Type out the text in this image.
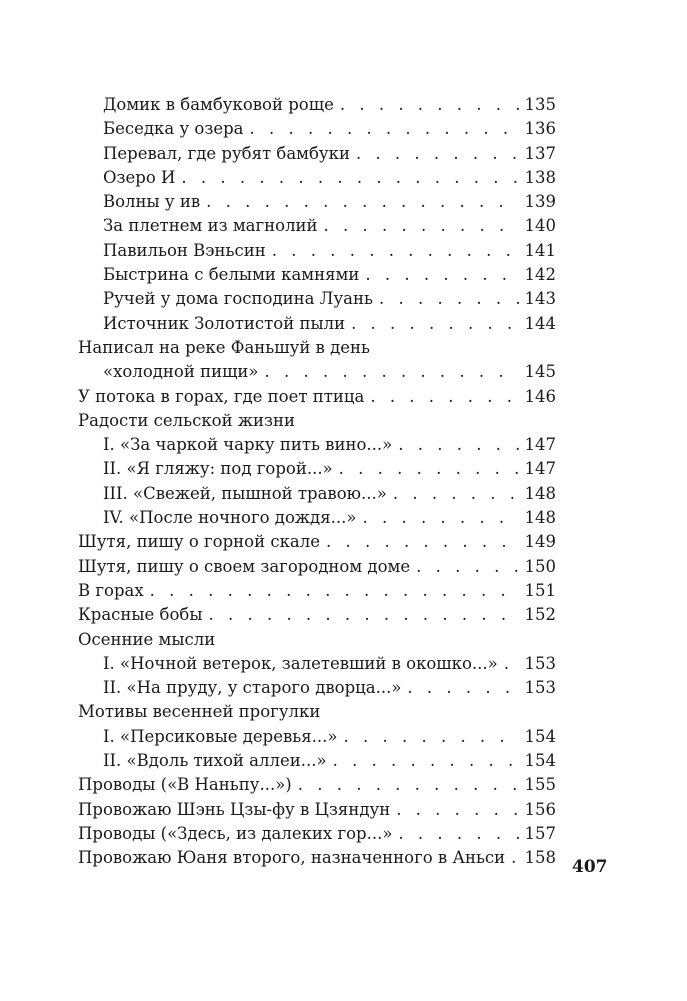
Домик в бамбуковой роще . . .	135
Беседка у озера . . .	136
Перевал, где рубят бамбуки . . .	137
Озеро И . . .	138
Волны у ив . . .	139
За плетнем из магнолий . . .	140
Павильон Вэньсин . . .	141
Быстрина с белыми камнями . . .	142
Ручей у дома господина Луань . . .	143
Источник Золотистой пыли . . .	144
Написал на реке Фаньшуй в день
«холодной пищи» . . .	145
У потока в горах, где поет птица . . .	146
Радости сельской жизни
I. «За чаркой чарку пить вино...» . . .	147
II. «Я гляжу: под горой...» . . .	147
III. «Свежей, пышной травою...» . . .	148
IV. «После ночного дождя...» . . .	148
Шутя, пишу о горной скале . . .	149
Шутя, пишу о своем загородном доме . . .	150
В горах . . .	151
Красные бобы . . .	152
Осенние мысли
I. «Ночной ветерок, залетевший в окошко...» . . . 153
II. «На пруду, у старого дворца...» . . .	153
Мотивы весенней прогулки
I. «Персиковые деревья...» . . .	154
II. «Вдоль тихой аллеи...» . . .	154
Проводы («В Наньпу...») . . .	155
Провожаю Шэнь Цзы-фу в Цзяндун . . .	156
Проводы («Здесь, из далеких гор...» . . .	157
Провожаю Юаня второго, назначенного в Аньси . . . 158 407
